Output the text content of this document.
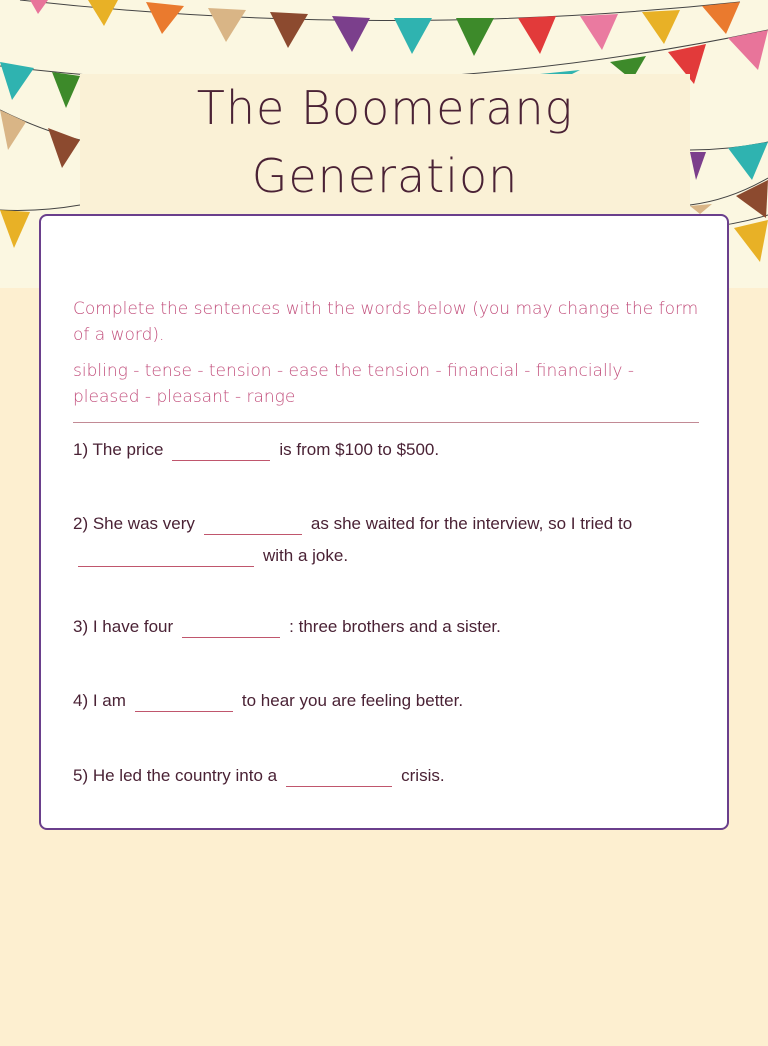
The Boomerang
Generation

Complete the sentences with the words below (you may change the form of a word).

sibling - tense - tension - ease the tension - financial - financially - pleased - pleasant - range

1) The price	is from $100 to $500.

2) She was very	as she waited for the interview, so I tried to
with a joke.

3) I have four	: three brothers and a sister.

4) I am	to hear you are feeling better.

5) He led the country into a	crisis.
